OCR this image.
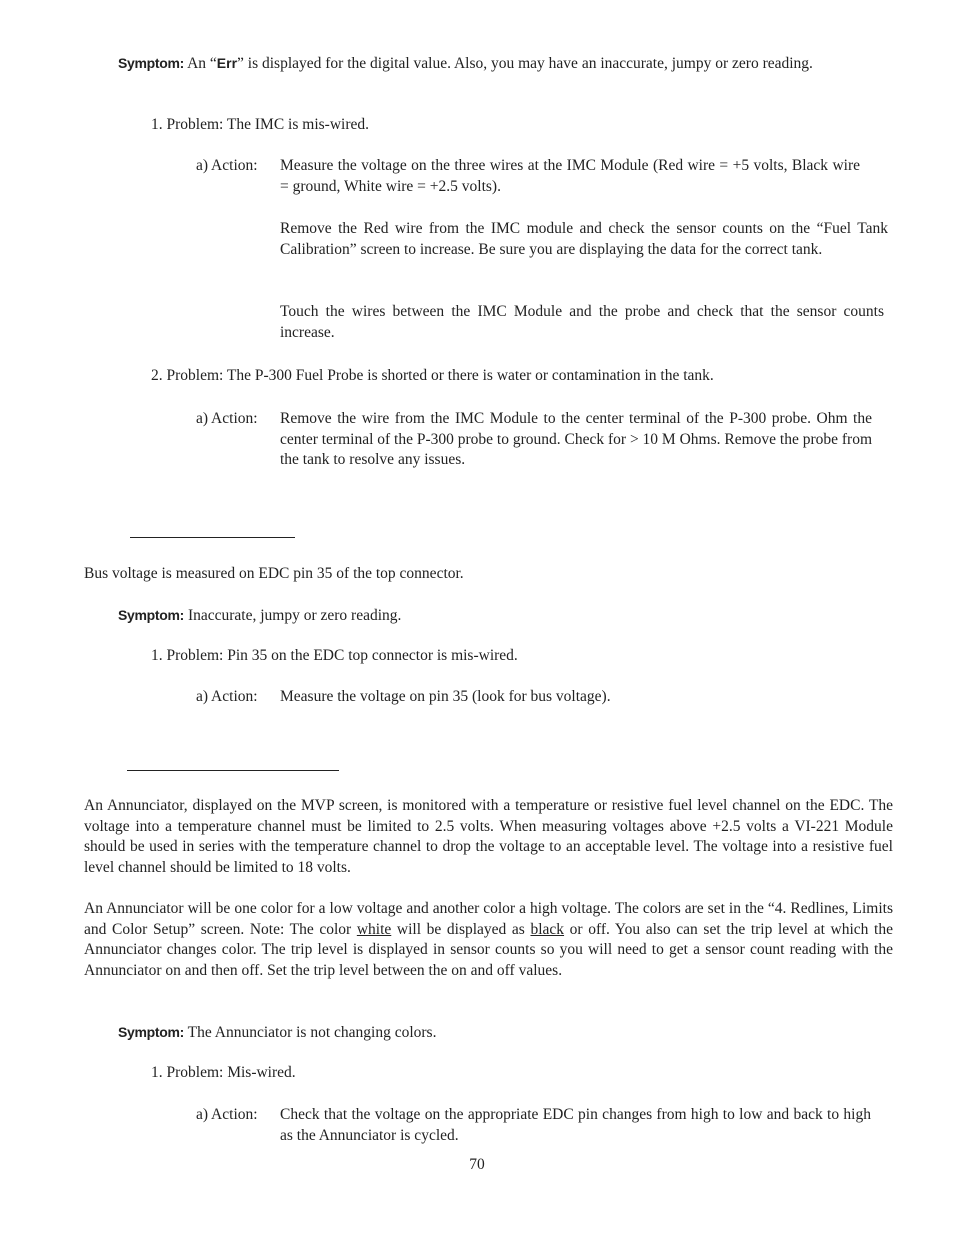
Symptom: An “Err” is displayed for the digital value. Also, you may have an inaccurate, jumpy or zero reading.
1. Problem: The IMC is mis-wired.
a) Action: Measure the voltage on the three wires at the IMC Module (Red wire = +5 volts, Black wire = ground, White wire = +2.5 volts).
Remove the Red wire from the IMC module and check the sensor counts on the “Fuel Tank Calibration” screen to increase. Be sure you are displaying the data for the correct tank.
Touch the wires between the IMC Module and the probe and check that the sensor counts increase.
2. Problem: The P-300 Fuel Probe is shorted or there is water or contamination in the tank.
a) Action: Remove the wire from the IMC Module to the center terminal of the P-300 probe. Ohm the center terminal of the P-300 probe to ground. Check for > 10 M Ohms. Remove the probe from the tank to resolve any issues.
Bus voltage is measured on EDC pin 35 of the top connector.
Symptom: Inaccurate, jumpy or zero reading.
1. Problem: Pin 35 on the EDC top connector is mis-wired.
a) Action: Measure the voltage on pin 35 (look for bus voltage).
An Annunciator, displayed on the MVP screen, is monitored with a temperature or resistive fuel level channel on the EDC. The voltage into a temperature channel must be limited to 2.5 volts. When measuring voltages above +2.5 volts a VI-221 Module should be used in series with the temperature channel to drop the voltage to an acceptable level. The voltage into a resistive fuel level channel should be limited to 18 volts.
An Annunciator will be one color for a low voltage and another color a high voltage. The colors are set in the “4. Redlines, Limits and Color Setup” screen. Note: The color white will be displayed as black or off. You also can set the trip level at which the Annunciator changes color. The trip level is displayed in sensor counts so you will need to get a sensor count reading with the Annunciator on and then off. Set the trip level between the on and off values.
Symptom: The Annunciator is not changing colors.
1. Problem: Mis-wired.
a) Action: Check that the voltage on the appropriate EDC pin changes from high to low and back to high as the Annunciator is cycled.
70
